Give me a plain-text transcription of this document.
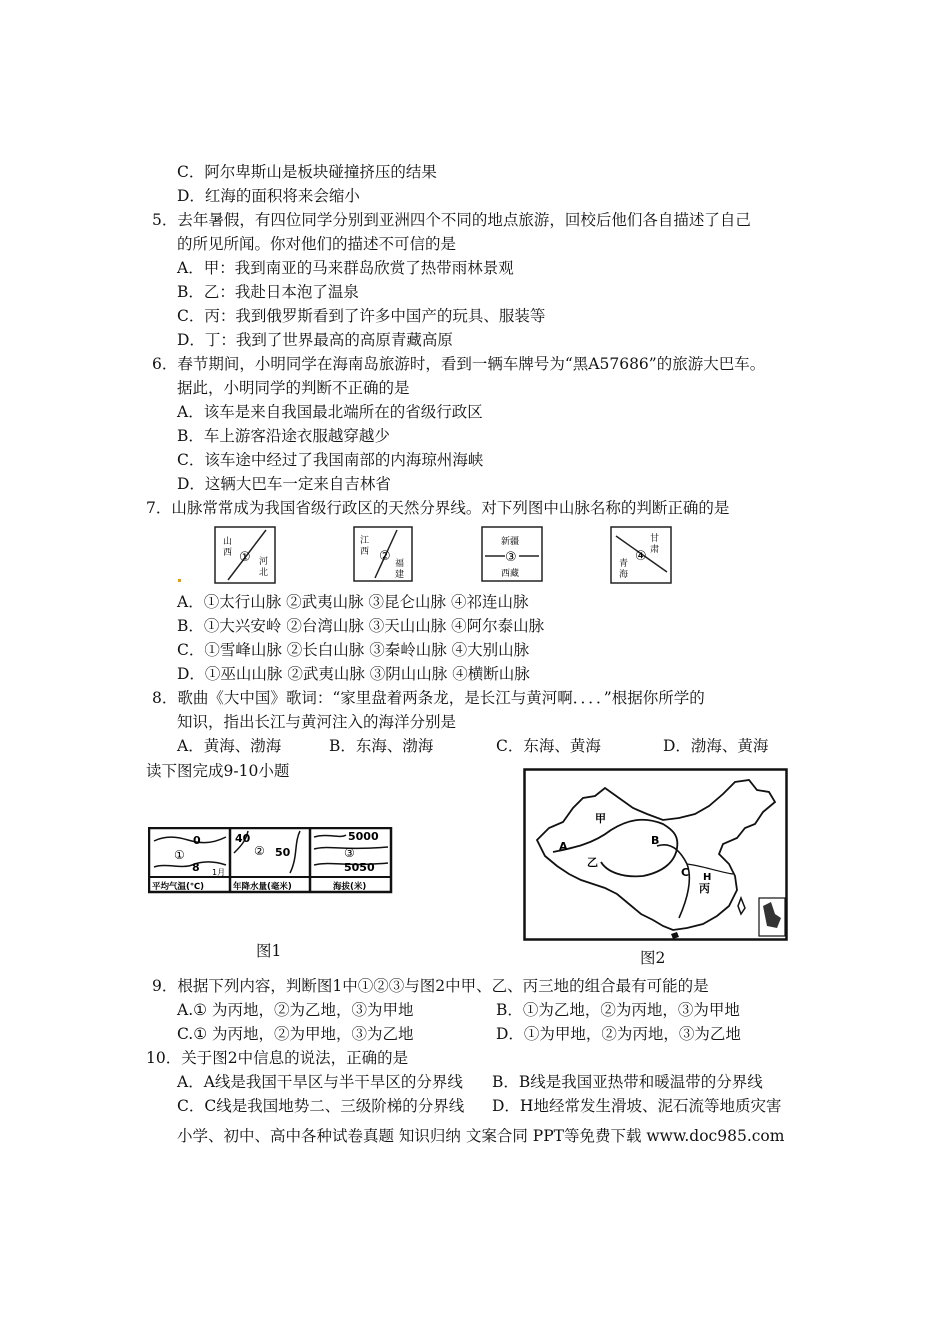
C．阿尔卑斯山是板块碰撞挤压的结果
D．红海的面积将来会缩小
5．去年暑假，有四位同学分别到亚洲四个不同的地点旅游，回校后他们各自描述了自己
的所见所闻。你对他们的描述不可信的是
A．甲：我到南亚的马来群岛欣赏了热带雨林景观
B．乙：我赴日本泡了温泉
C．丙：我到俄罗斯看到了许多中国产的玩具、服装等
D．丁：我到了世界最高的高原青藏高原
6．春节期间，小明同学在海南岛旅游时，看到一辆车牌号为“黑A57686”的旅游大巴车。
据此，小明同学的判断不正确的是
A．该车是来自我国最北端所在的省级行政区
B．车上游客沿途衣服越穿越少
C．该车途中经过了我国南部的内海琼州海峡
D．这辆大巴车一定来自吉林省
7．山脉常常成为我国省级行政区的天然分界线。对下列图中山脉名称的判断正确的是
山
西 ① 河
北
江
西 ② 福
建
新疆
③
西藏
甘
肃
④
青
海
A．①太行山脉 ②武夷山脉 ③昆仑山脉 ④祁连山脉
B．①大兴安岭 ②台湾山脉 ③天山山脉 ④阿尔泰山脉
C．①雪峰山脉 ②长白山脉 ③秦岭山脉 ④大别山脉
D．①巫山山脉 ②武夷山脉 ③阴山山脉 ④横断山脉
8．歌曲《大中国》歌词：“家里盘着两条龙，是长江与黄河啊．．．．”根据你所学的
知识，指出长江与黄河注入的海洋分别是
A．黄海、渤海	B．东海、渤海	C．东海、黄海	D．渤海、黄海
读下图完成9-10小题
0
①
8 1月
平均气温(℃)
40
② 50
年降水量(毫米)
5000
③
5050
海拔(米)
图1
甲
A	B
乙
C H
丙
图2
9．根据下列内容，判断图1中①②③与图2中甲、乙、丙三地的组合最有可能的是
A.① 为丙地，②为乙地，③为甲地	B．①为乙地，②为丙地，③为甲地
C.① 为丙地，②为甲地，③为乙地	D．①为甲地，②为丙地，③为乙地
10．关于图2中信息的说法，正确的是
A．A线是我国干旱区与半干旱区的分界线 B．B线是我国亚热带和暖温带的分界线
C．C线是我国地势二、三级阶梯的分界线 D．H地经常发生滑坡、泥石流等地质灾害
小学、初中、高中各种试卷真题 知识归纳 文案合同 PPT等免费下载 www.doc985.com
